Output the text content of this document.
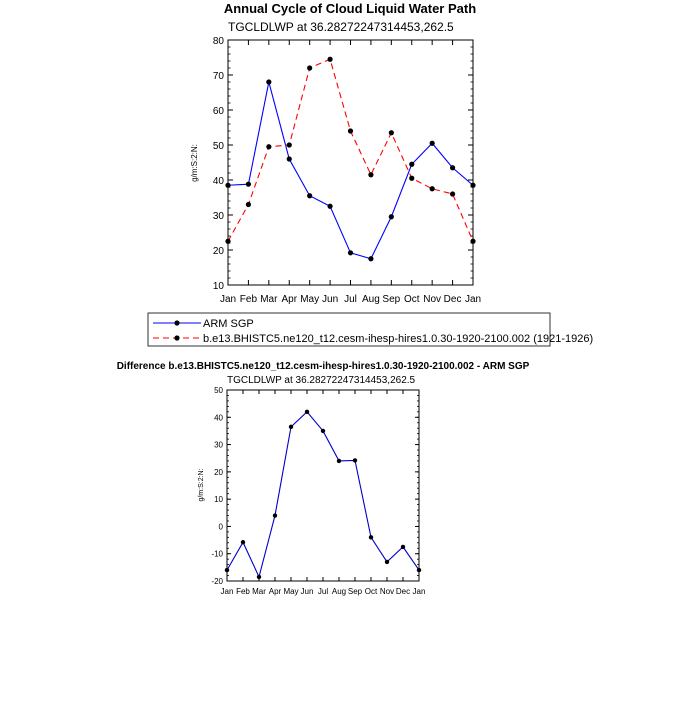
Annual Cycle of Cloud Liquid Water Path
TGCLDLWP at 36.28272247314453,262.5
10
20
30
40
50
60
70
80
Jan Feb Mar Apr May Jun Jul Aug Sep Oct Nov Dec Jan
g/m:S:2:N:
ARM SGP
b.e13.BHISTC5.ne120_t12.cesm-ihesp-hires1.0.30-1920-2100.002 (1921-1926)
Difference b.e13.BHISTC5.ne120_t12.cesm-ihesp-hires1.0.30-1920-2100.002 - ARM SGP
TGCLDLWP at 36.28272247314453,262.5
-20
-10
0
10
20
30
40
50
Jan Feb Mar Apr May Jun Jul Aug Sep Oct Nov Dec Jan
g/m:S:2:N:
